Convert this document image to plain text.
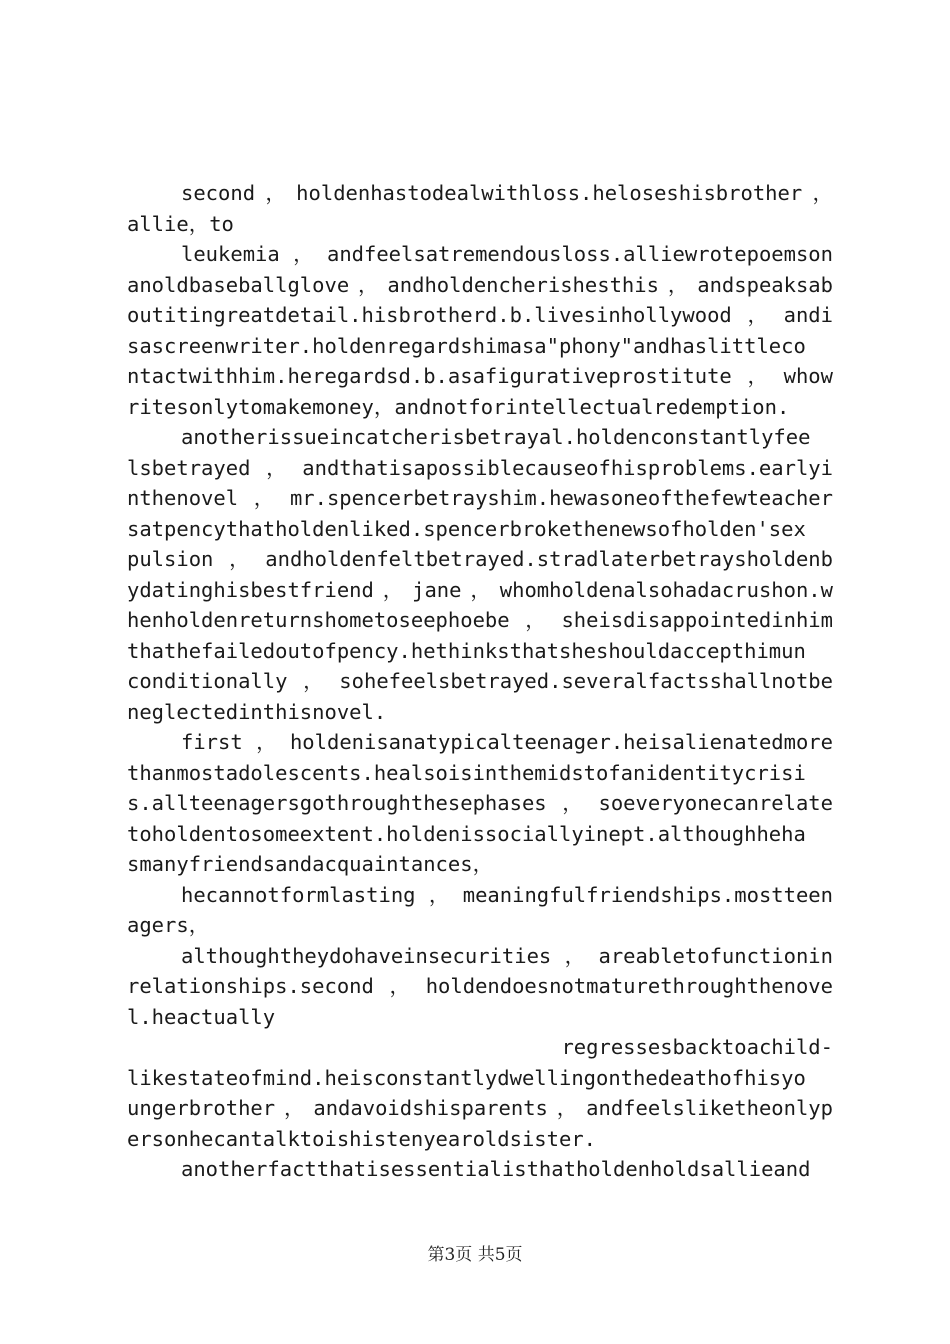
second，holdenhastodealwithloss.heloseshisbrother，
allie，to
leukemia，andfeelsatremendousloss.alliewrotepoemson
anoldbaseballglove，andholdencherishesthis，andspeaksab
outitingreatdetail.hisbrotherd.b.livesinhollywood，andi
sascreenwriter.holdenregardshimasa"phony"andhaslittleco
ntactwithhim.heregardsd.b.asafigurativeprostitute，whow
ritesonlytomakemoney，andnotforintellectualredemption.
anotherissueincatcherisbetrayal.holdenconstantlyfee
lsbetrayed，andthatisapossiblecauseofhisproblems.earlyi
nthenovel，mr.spencerbetrayshim.hewasoneofthefewteacher
satpencythatholdenliked.spencerbrokethenewsofholden'sex
pulsion，andholdenfeltbetrayed.stradlaterbetraysholdenb
ydatinghisbestfriend，jane，whomholdenalsohadacrushon.w
henholdenreturnshometoseephoebe，sheisdisappointedinhim
thathefailedoutofpency.hethinksthatsheshouldaccepthimun
conditionally，sohefeelsbetrayed.severalfactsshallnotbe
neglectedinthisnovel.
first，holdenisanatypicalteenager.heisalienatedmore
thanmostadolescents.healsoisinthemidstofanidentitycrisi
s.allteenagersgothroughthesephases，soeveryonecanrelate
toholdentosomeextent.holdenissociallyinept.althoughheha
smanyfriendsandacquaintances，
hecannotformlasting，meaningfulfriendships.mostteen
agers，
althoughtheydohaveinsecurities，areabletofunctionin
relationships.second，holdendoesnotmaturethroughthenove
l.heactually
regressesbacktoachild-
likestateofmind.heisconstantlydwellingonthedeathofhisyo
ungerbrother，andavoidshisparents，andfeelsliketheonlyp
ersonhecantalktoishistenyearoldsister.
anotherfactthatisessentialisthatholdenholdsallieand
第3页 共5页
